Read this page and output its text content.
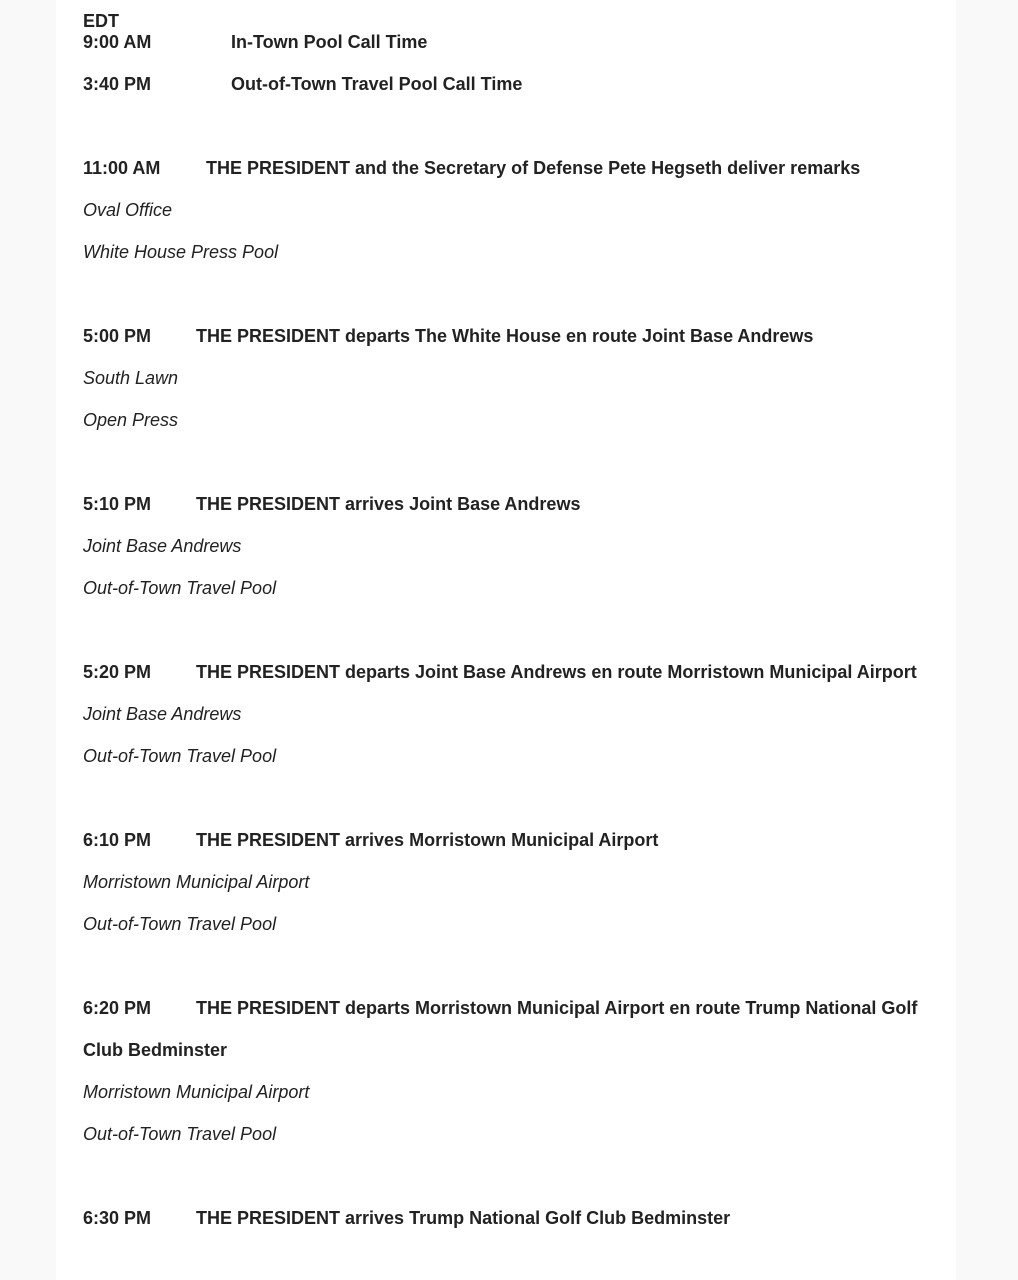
EDT
9:00 AM	In-Town Pool Call Time
3:40 PM	Out-of-Town Travel Pool Call Time
11:00 AM	THE PRESIDENT and the Secretary of Defense Pete Hegseth deliver remarks
Oval Office
White House Press Pool
5:00 PM THE PRESIDENT departs The White House en route Joint Base Andrews
South Lawn
Open Press
5:10 PM THE PRESIDENT arrives Joint Base Andrews
Joint Base Andrews
Out-of-Town Travel Pool
5:20 PM THE PRESIDENT departs Joint Base Andrews en route Morristown Municipal Airport
Joint Base Andrews
Out-of-Town Travel Pool
6:10 PM THE PRESIDENT arrives Morristown Municipal Airport
Morristown Municipal Airport
Out-of-Town Travel Pool
6:20 PM THE PRESIDENT departs Morristown Municipal Airport en route Trump National Golf
Club Bedminster
Morristown Municipal Airport
Out-of-Town Travel Pool
6:30 PM THE PRESIDENT arrives Trump National Golf Club Bedminster
